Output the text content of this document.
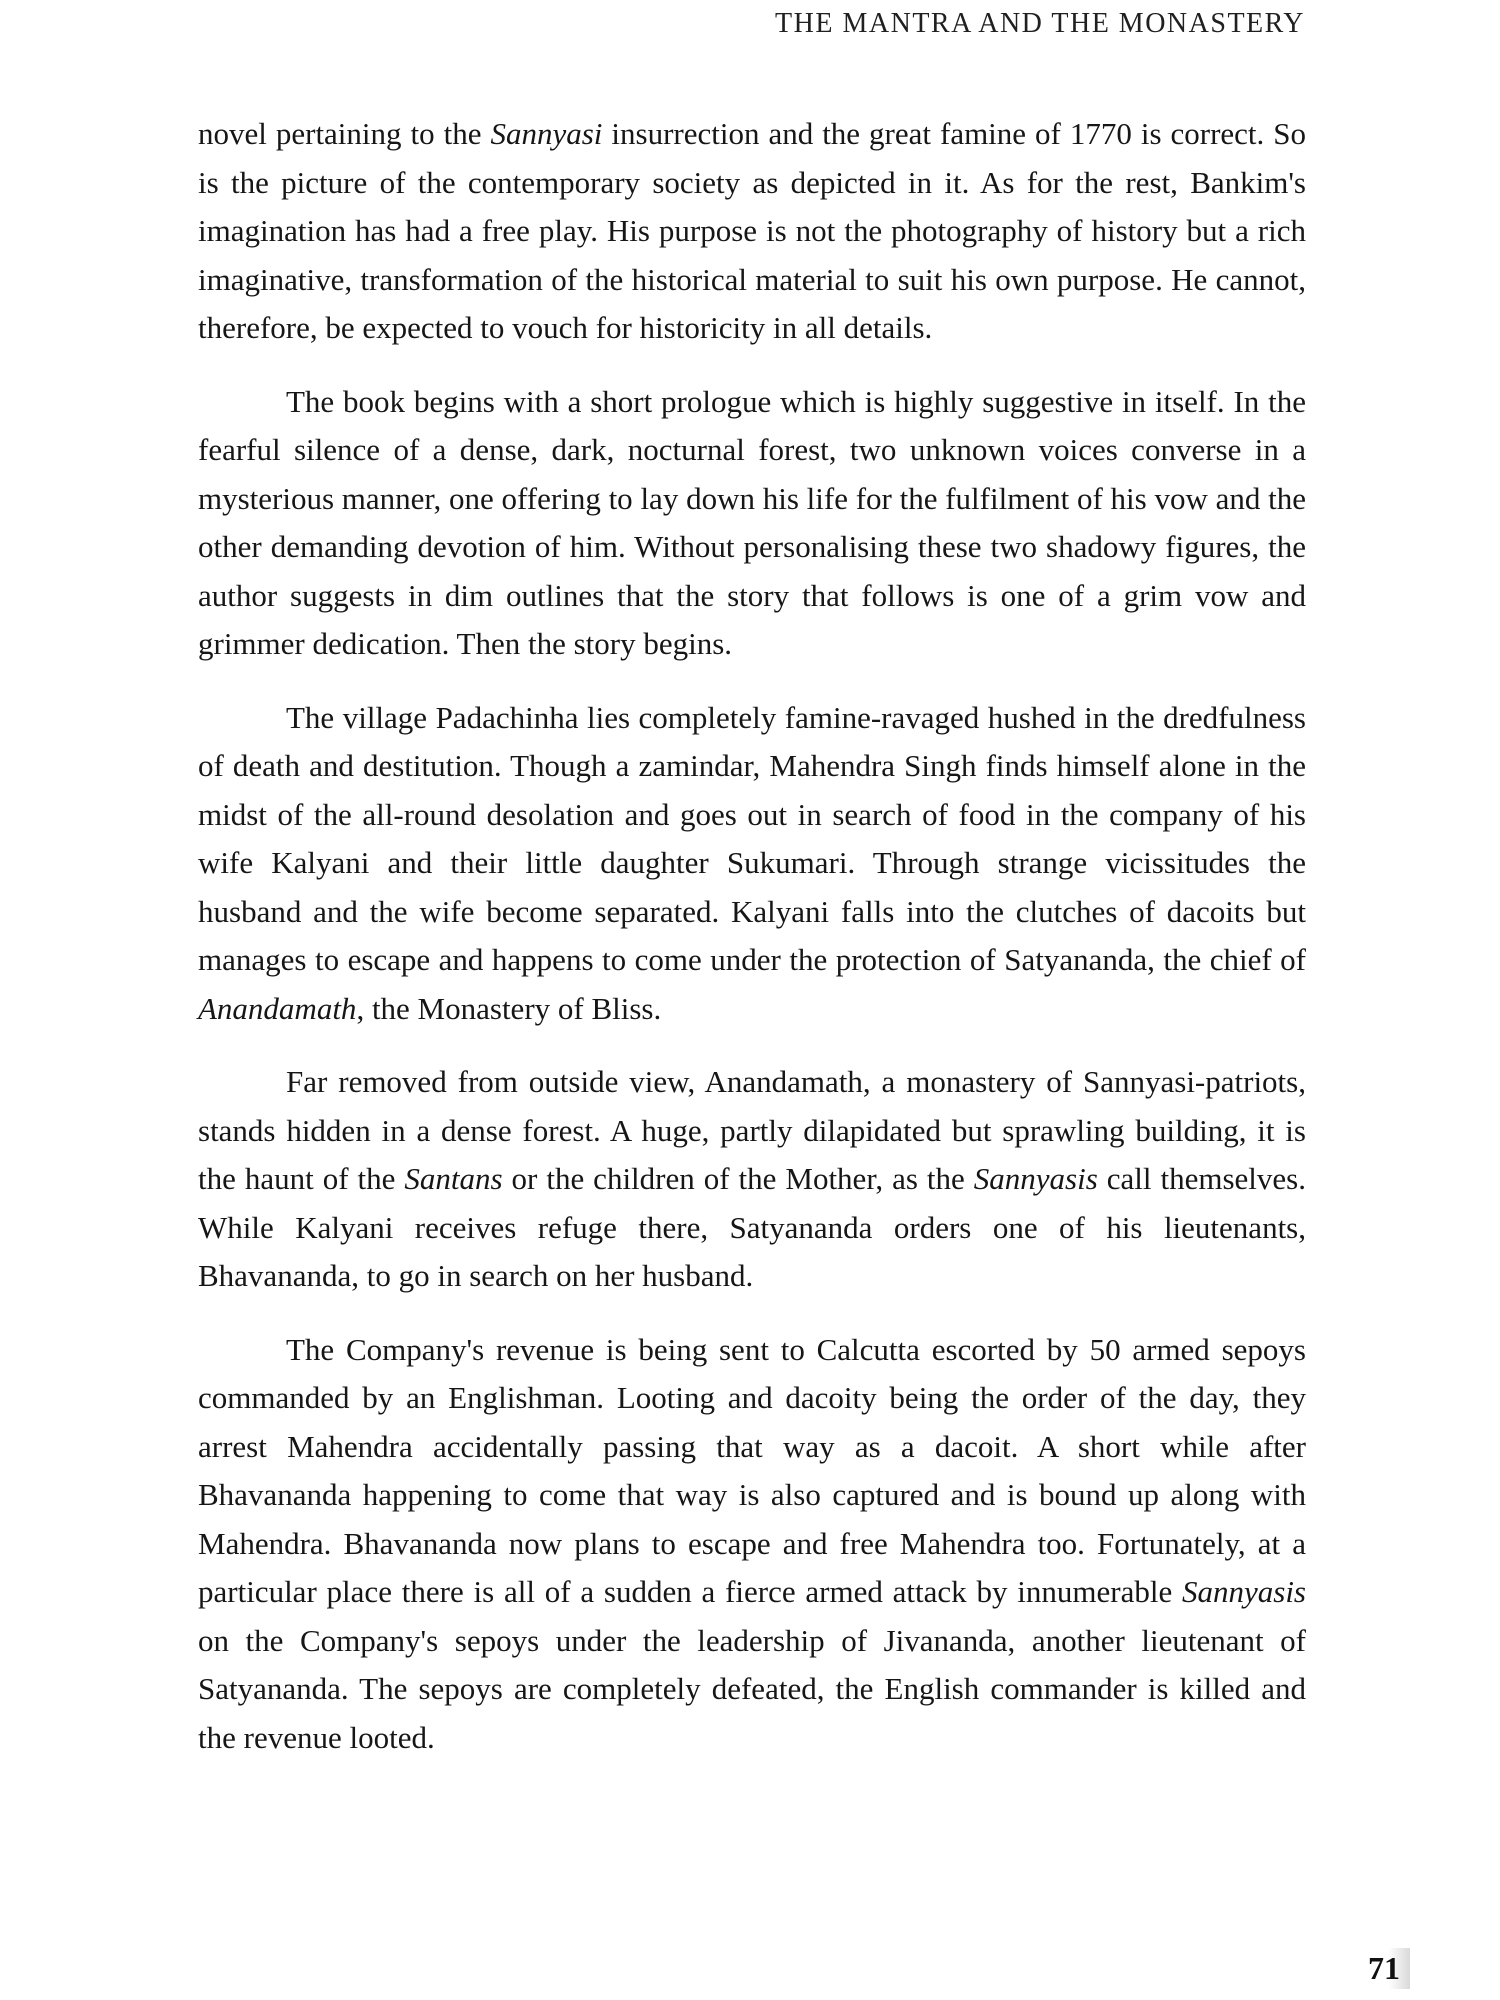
THE MANTRA AND THE MONASTERY

novel pertaining to the Sannyasi insurrection and the great famine of 1770 is correct. So is the picture of the contemporary society as depicted in it. As for the rest, Bankim's imagination has had a free play. His purpose is not the photography of history but a rich imaginative, transformation of the historical material to suit his own purpose. He cannot, therefore, be expected to vouch for historicity in all details.

The book begins with a short prologue which is highly suggestive in itself. In the fearful silence of a dense, dark, nocturnal forest, two unknown voices converse in a mysterious manner, one offering to lay down his life for the fulfilment of his vow and the other demanding devotion of him. Without personalising these two shadowy figures, the author suggests in dim outlines that the story that follows is one of a grim vow and grimmer dedication. Then the story begins.

The village Padachinha lies completely famine-ravaged hushed in the dredfulness of death and destitution. Though a zamindar, Mahendra Singh finds himself alone in the midst of the all-round desolation and goes out in search of food in the company of his wife Kalyani and their little daughter Sukumari. Through strange vicissitudes the husband and the wife become separated. Kalyani falls into the clutches of dacoits but manages to escape and happens to come under the protection of Satyananda, the chief of Anandamath, the Monastery of Bliss.

Far removed from outside view, Anandamath, a monastery of Sannyasi-patriots, stands hidden in a dense forest. A huge, partly dilapidated but sprawling building, it is the haunt of the Santans or the children of the Mother, as the Sannyasis call themselves. While Kalyani receives refuge there, Satyananda orders one of his lieutenants, Bhavananda, to go in search on her husband.

The Company's revenue is being sent to Calcutta escorted by 50 armed sepoys commanded by an Englishman. Looting and dacoity being the order of the day, they arrest Mahendra accidentally passing that way as a dacoit. A short while after Bhavananda happening to come that way is also captured and is bound up along with Mahendra. Bhavananda now plans to escape and free Mahendra too. Fortunately, at a particular place there is all of a sudden a fierce armed attack by innumerable Sannyasis on the Company's sepoys under the leadership of Jivananda, another lieutenant of Satyananda. The sepoys are completely defeated, the English commander is killed and the revenue looted.

71
